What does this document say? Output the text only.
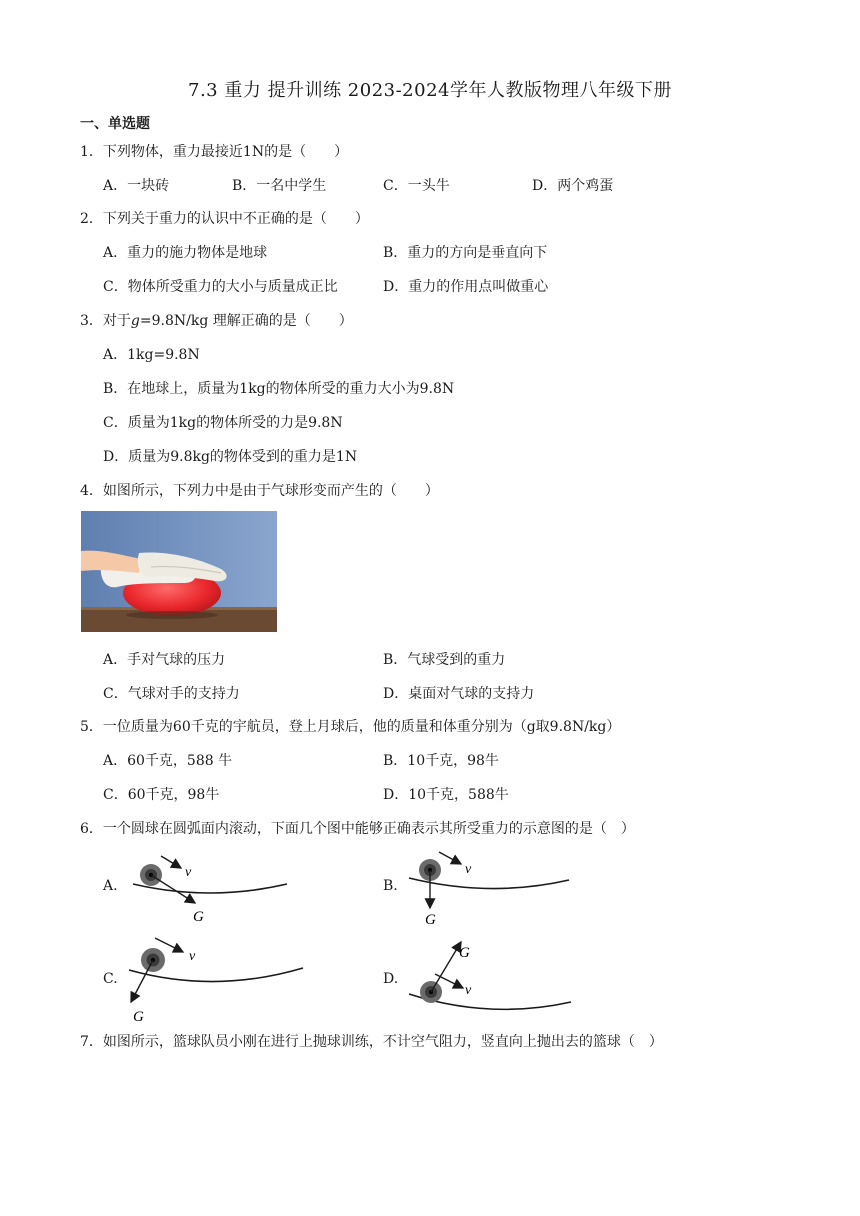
7.3 重力 提升训练 2023-2024学年人教版物理八年级下册
一、单选题
1．下列物体，重力最接近1N的是（　　）
A．一块砖	B．一名中学生	C．一头牛	D．两个鸡蛋
2．下列关于重力的认识中不正确的是（　　）
A．重力的施力物体是地球	B．重力的方向是垂直向下
C．物体所受重力的大小与质量成正比	D．重力的作用点叫做重心
3．对于g=9.8N/kg 理解正确的是（　　）
A．1kg=9.8N
B．在地球上，质量为1kg的物体所受的重力大小为9.8N
C．质量为1kg的物体所受的力是9.8N
D．质量为9.8kg的物体受到的重力是1N
4．如图所示，下列力中是由于气球形变而产生的（　　）
A．手对气球的压力	B．气球受到的重力
C．气球对手的支持力	D．桌面对气球的支持力
5．一位质量为60千克的宇航员，登上月球后，他的质量和体重分别为（g取9.8N/kg）
A．60千克，588 牛	B．10千克，98牛
C．60千克，98牛	D．10千克，588牛
6．一个圆球在圆弧面内滚动，下面几个图中能够正确表示其所受重力的示意图的是（　）
A.
v
G
B.
v
G
C.
v
G
D.
v
G
7．如图所示，篮球队员小刚在进行上抛球训练，不计空气阻力，竖直向上抛出去的篮球（　）
